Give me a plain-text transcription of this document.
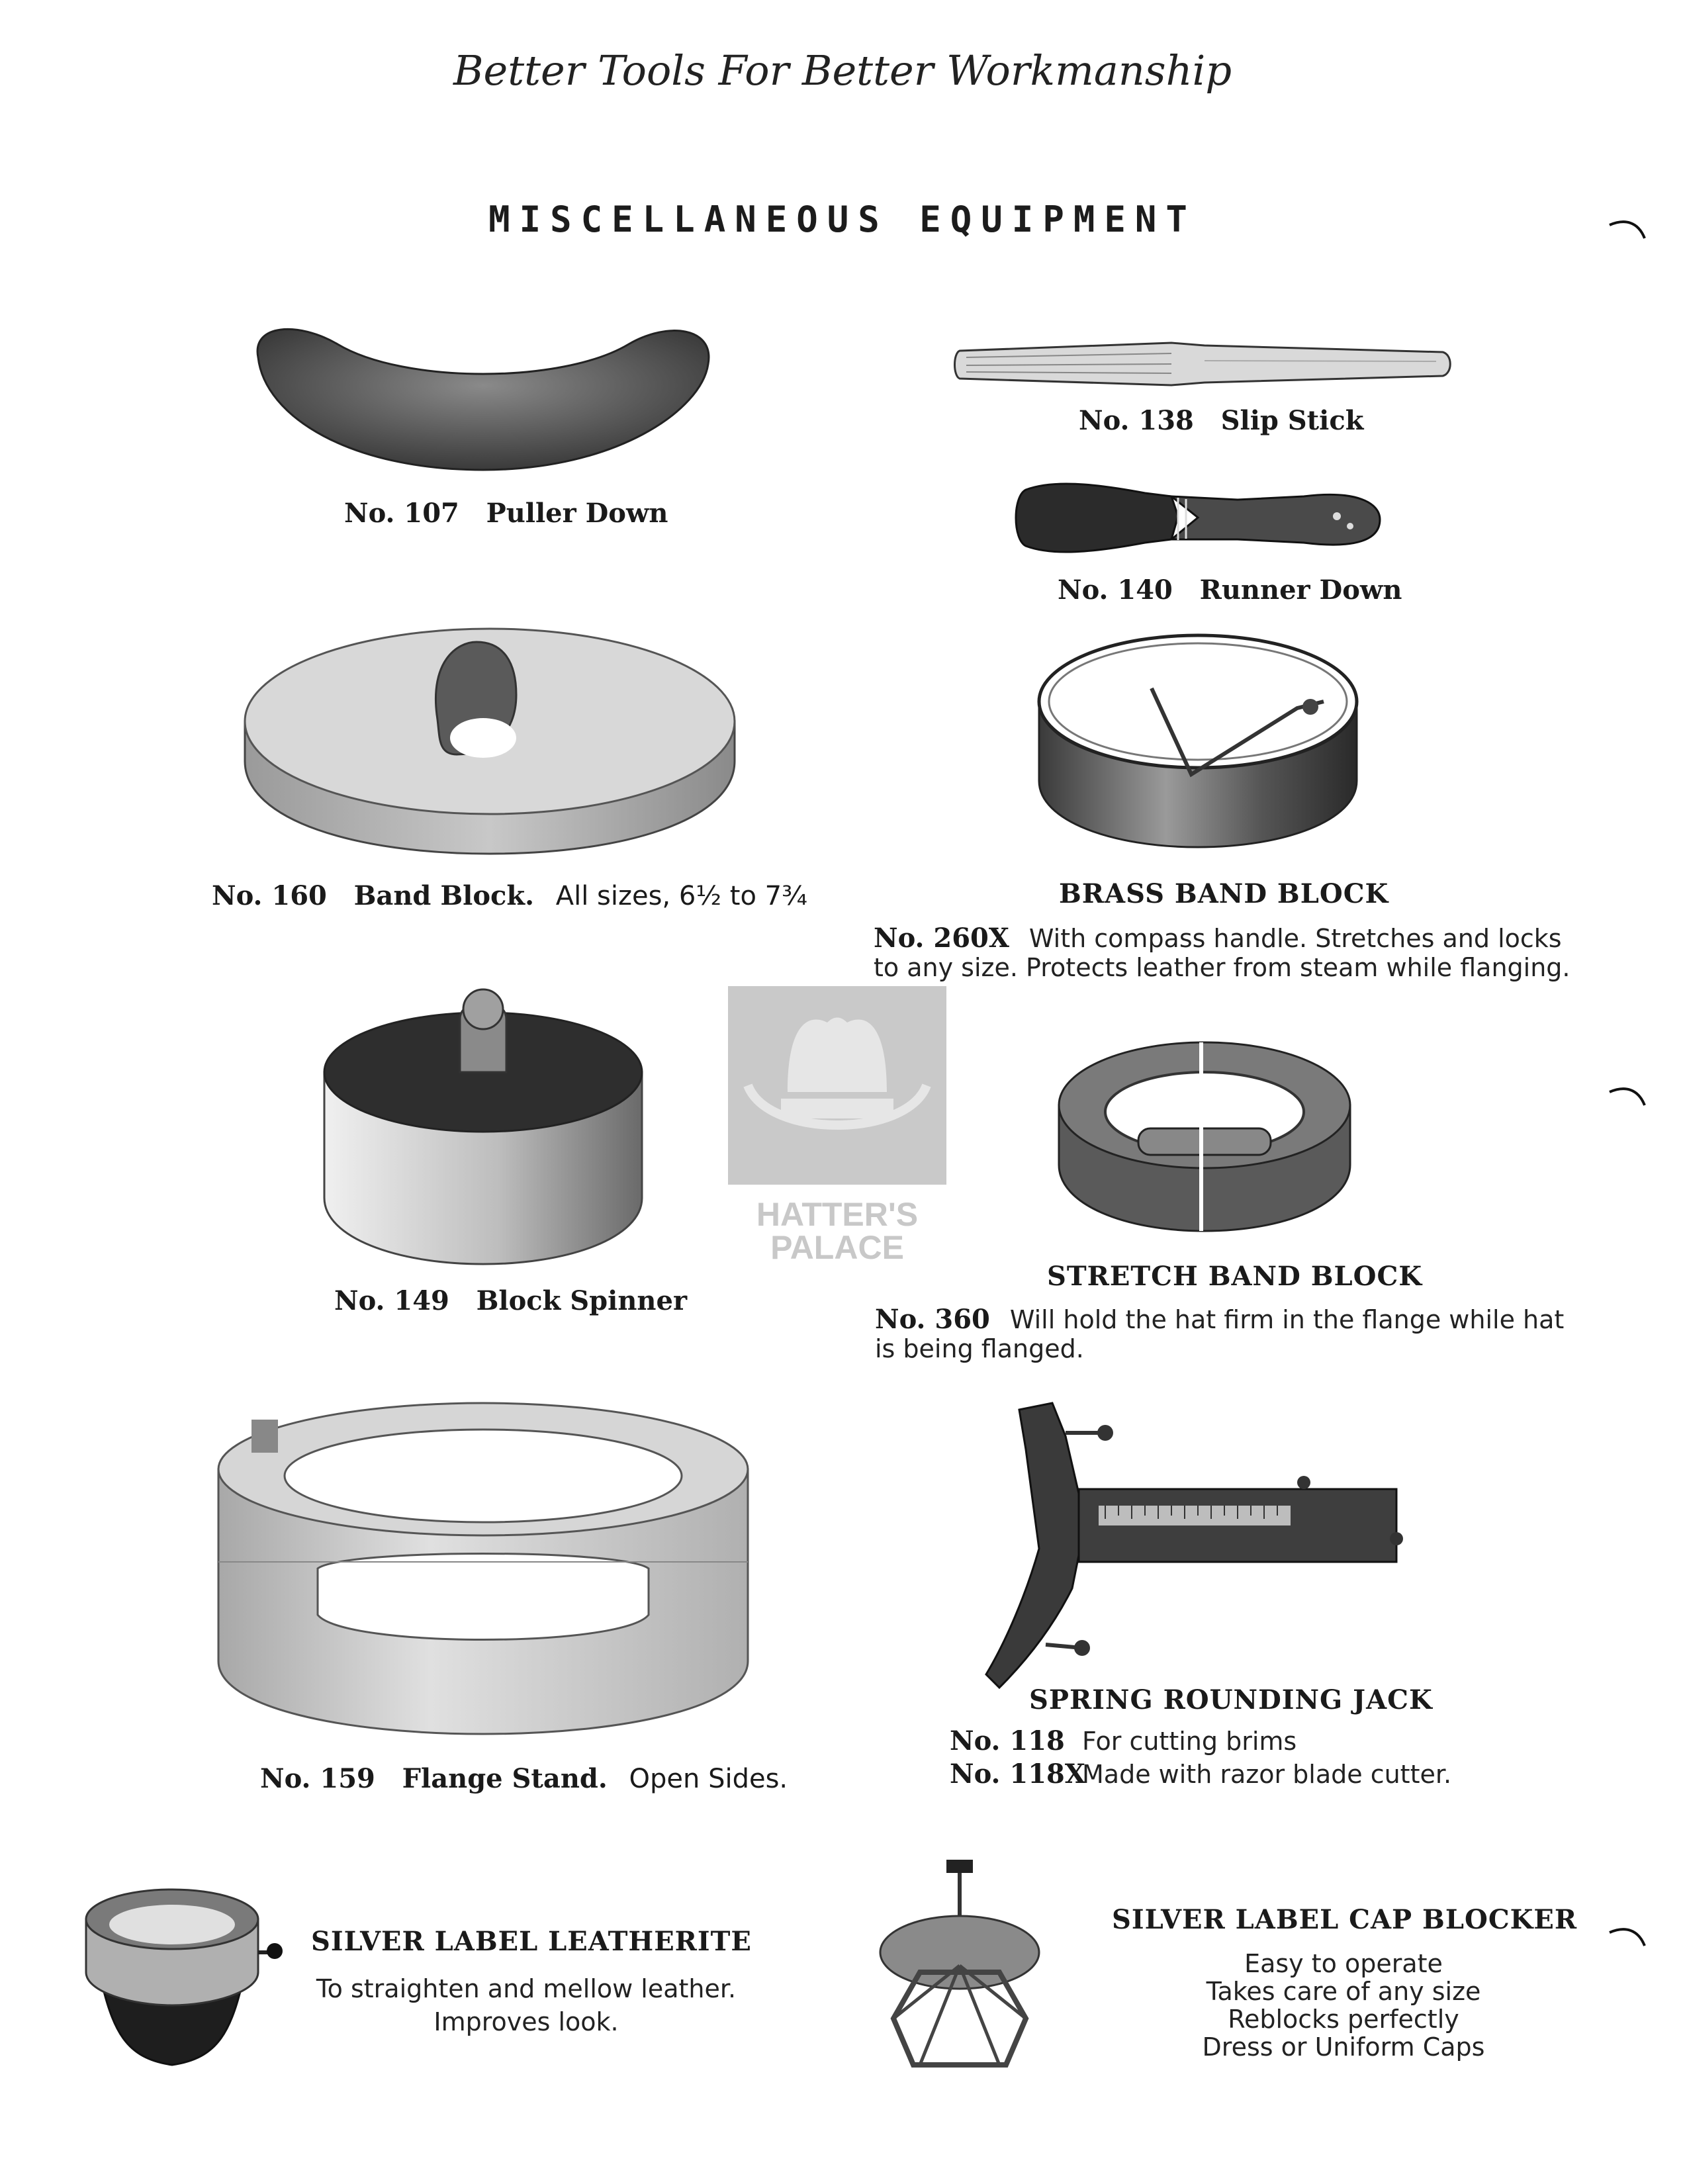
Better Tools For Better Workmanship
MISCELLANEOUS EQUIPMENT
No. 107 Puller Down
No. 138 Slip Stick
No. 140 Runner Down
No. 160 Band Block. All sizes, 6½ to 7¾	BRASS BAND BLOCK
No. 260X With compass handle. Stretches and locks
to any size. Protects leather from steam while flanging.
HATTER'S
PALACE
No. 149 Block Spinner
STRETCH BAND BLOCK
No. 360 Will hold the hat firm in the flange while hat
is being flanged.
No. 159 Flange Stand. Open Sides.
SPRING ROUNDING JACK
No. 118 For cutting brims
No. 118XMade with razor blade cutter.
SILVER LABEL LEATHERITE
To straighten and mellow leather.
Improves look.
SILVER LABEL CAP BLOCKER
Easy to operate
Takes care of any size
Reblocks perfectly
Dress or Uniform Caps
